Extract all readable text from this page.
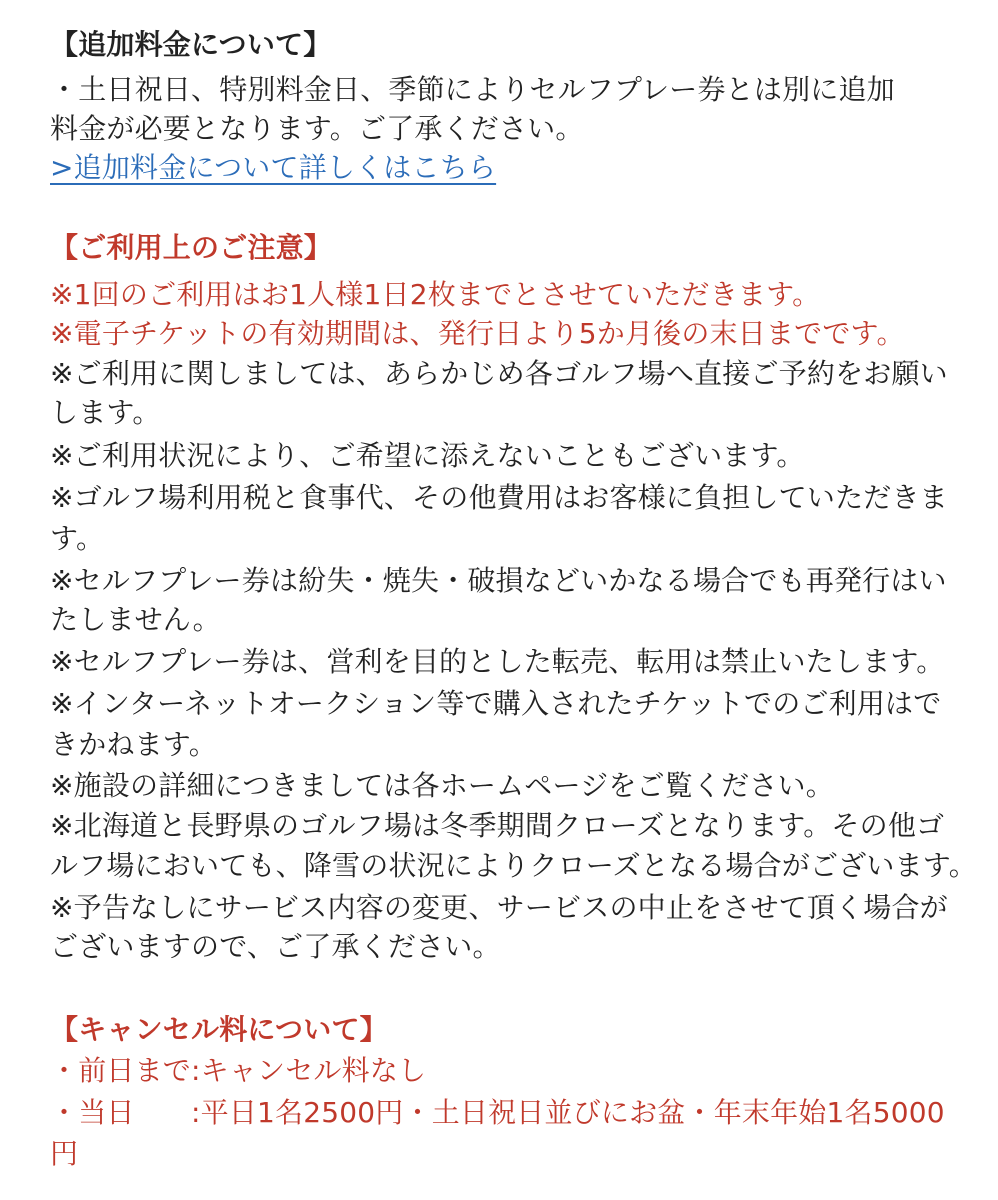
【追加料金について】
・土日祝日、特別料金日、季節によりセルフプレー券とは別に追加
料金が必要となります。ご了承ください。
>追加料金について詳しくはこちら
【ご利用上のご注意】
※1回のご利用はお1人様1日2枚までとさせていただきます。
※電子チケットの有効期間は、発行日より5か月後の末日までです。
※ご利用に関しましては、あらかじめ各ゴルフ場へ直接ご予約をお願い
します。
※ご利用状況により、ご希望に添えないこともございます。
※ゴルフ場利用税と食事代、その他費用はお客様に負担していただきま
す。
※セルフプレー券は紛失・焼失・破損などいかなる場合でも再発行はい
たしません。
※セルフプレー券は、営利を目的とした転売、転用は禁止いたします。
※インターネットオークション等で購入されたチケットでのご利用はで
きかねます。
※施設の詳細につきましては各ホームページをご覧ください。
※北海道と長野県のゴルフ場は冬季期間クローズとなります。その他ゴ
ルフ場においても、降雪の状況によりクローズとなる場合がございます。
※予告なしにサービス内容の変更、サービスの中止をさせて頂く場合が
ございますので、ご了承ください。
【キャンセル料について】
・前日まで:キャンセル料なし
・当日　　:平日1名2500円・土日祝日並びにお盆・年末年始1名5000
円
